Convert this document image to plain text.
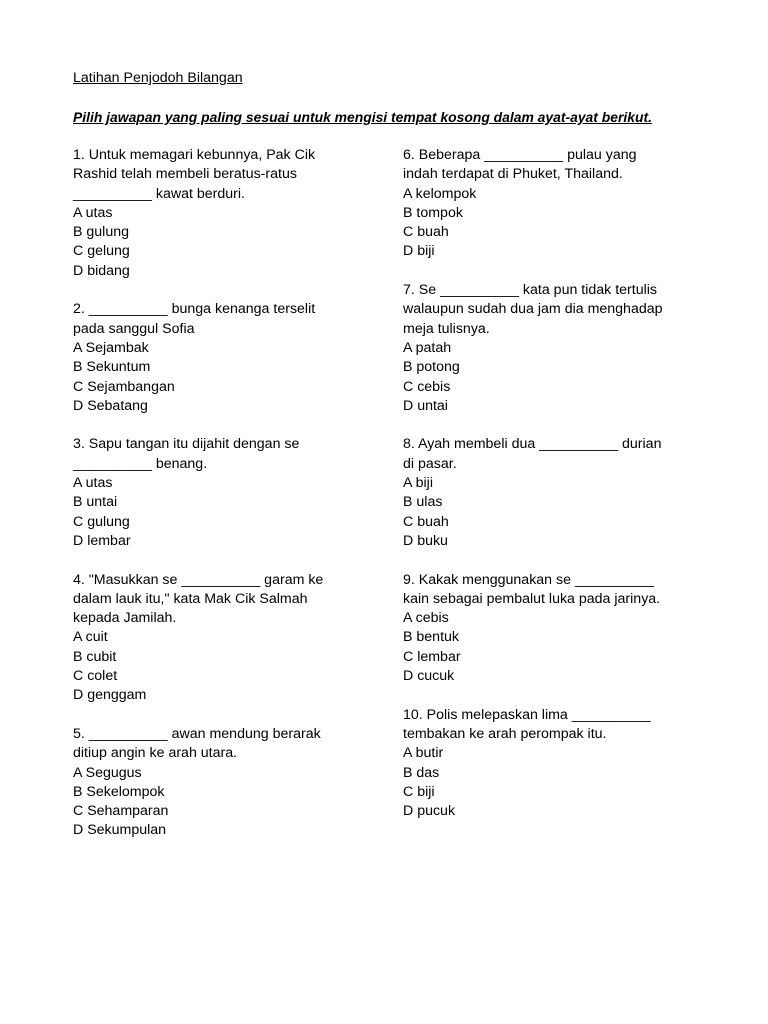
Latihan Penjodoh Bilangan
Pilih jawapan yang paling sesuai untuk mengisi tempat kosong dalam ayat-ayat berikut.
1. Untuk memagari kebunnya, Pak Cik
Rashid telah membeli beratus-ratus
__________ kawat berduri.
A utas
B gulung
C gelung
D bidang
2. __________ bunga kenanga terselit
pada sanggul Sofia
A Sejambak
B Sekuntum
C Sejambangan
D Sebatang
3. Sapu tangan itu dijahit dengan se
__________ benang.
A utas
B untai
C gulung
D lembar
4. "Masukkan se __________ garam ke
dalam lauk itu," kata Mak Cik Salmah
kepada Jamilah.
A cuit
B cubit
C colet
D genggam
5. __________ awan mendung berarak
ditiup angin ke arah utara.
A Segugus
B Sekelompok
C Sehamparan
D Sekumpulan
6. Beberapa __________ pulau yang
indah terdapat di Phuket, Thailand.
A kelompok
B tompok
C buah
D biji
7. Se __________ kata pun tidak tertulis
walaupun sudah dua jam dia menghadap
meja tulisnya.
A patah
B potong
C cebis
D untai
8. Ayah membeli dua __________ durian
di pasar.
A biji
B ulas
C buah
D buku
9. Kakak menggunakan se __________
kain sebagai pembalut luka pada jarinya.
A cebis
B bentuk
C lembar
D cucuk
10. Polis melepaskan lima __________
tembakan ke arah perompak itu.
A butir
B das
C biji
D pucuk
